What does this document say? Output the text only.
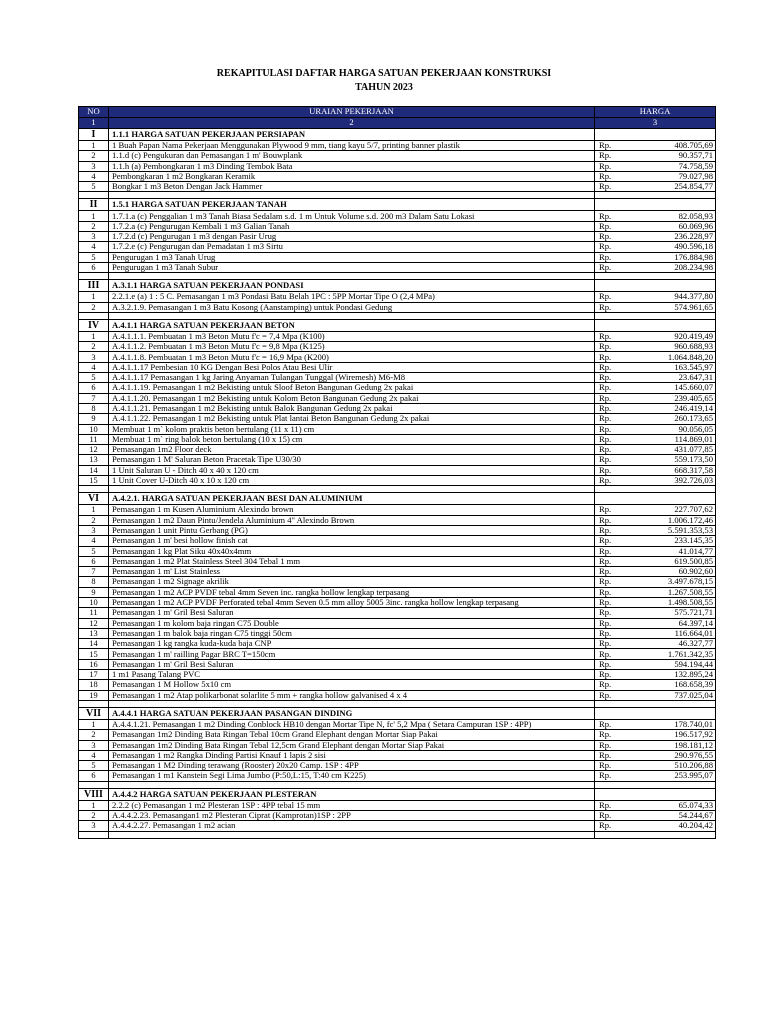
REKAPITULASI DAFTAR HARGA SATUAN PEKERJAAN KONSTRUKSI
TAHUN 2023
NO	URAIAN PEKERJAAN	HARGA	
1	2	3	
I	1.1.1 HARGA SATUAN PEKERJAAN PERSIAPAN		
1	1 Buah Papan Nama Pekerjaan Menggunakan Plywood 9 mm, tiang kayu 5/7, printing banner plastik	Rp.	408.705,69
2	1.1.d (c) Pengukuran dan Pemasangan 1 m' Bouwplank	Rp.	90.357,71
3	1.1.h (a) Pembongkaran 1 m3 Dinding Tembok Bata	Rp.	74.758,59
4	Pembongkaran 1 m2 Bongkaran Keramik	Rp.	79.027,98
5	Bongkar 1 m3 Beton Dengan Jack Hammer	Rp.	254.854,77

II	1.5.1 HARGA SATUAN PEKERJAAN TANAH		
1	1.7.1.a (c) Penggalian 1 m3 Tanah Biasa Sedalam s.d. 1 m Untuk Volume s.d. 200 m3 Dalam Satu Lokasi	Rp.	82.058,93
2	1.7.2.a (c) Pengurugan Kembali 1 m3 Galian Tanah	Rp.	60.069,96
3	1.7.2.d (c) Pengurugan 1 m3 dengan Pasir Urug	Rp.	236.228,97
4	1.7.2.e (c) Pengurugan dan Pemadatan 1 m3 Sirtu	Rp.	490.596,18
5	Pengurugan 1 m3 Tanah Urug	Rp.	176.884,98
6	Pengurugan 1 m3 Tanah Subur	Rp.	208.234,98

III	A.3.1.1 HARGA SATUAN PEKERJAAN PONDASI		
1	2.2.1.e (a) 1 : 5 C. Pemasangan 1 m3 Pondasi Batu Belah 1PC : 5PP Mortar Tipe O (2,4 MPa)	Rp.	944.377,80
2	A.3.2.1.9. Pemasangan 1 m3 Batu Kosong (Aanstamping) untuk Pondasi Gedung	Rp.	574.961,65

IV	A.4.1.1 HARGA SATUAN PEKERJAAN BETON		
1	A.4.1.1.1. Pembuatan 1 m3 Beton Mutu f'c = 7,4 Mpa (K100)	Rp.	920.419,49
2	A.4.1.1.2. Pembuatan 1 m3 Beton Mutu f'c = 9,8 Mpa (K125)	Rp.	960.688,93
3	A.4.1.1.8. Pembuatan 1 m3 Beton Mutu f'c = 16,9 Mpa (K200)	Rp.	1.064.848,20
4	A.4.1.1.17 Pembesian 10 KG Dengan Besi Polos Atau Besi Ulir	Rp.	163.545,97
5	A.4.1.1.17 Pemasangan 1 kg Jaring Anyaman Tulangan Tunggal (Wiremesh) M6-M8	Rp.	23.647,31
6	A.4.1.1.19. Pemasangan 1 m2 Bekisting untuk Sloof Beton Bangunan Gedung 2x pakai	Rp.	145.660,07
7	A.4.1.1.20. Pemasangan 1 m2 Bekisting untuk Kolom Beton Bangunan Gedung 2x pakai	Rp.	239.405,65
8	A.4.1.1.21. Pemasangan 1 m2 Bekisting untuk Balok Bangunan Gedung 2x pakai	Rp.	246.419,14
9	A.4.1.1.22. Pemasangan 1 m2 Bekisting untuk Plat lantai Beton Bangunan Gedung 2x pakai	Rp.	260.173,65
10	Membuat 1 m` kolom praktis beton bertulang (11 x 11) cm	Rp.	90.056,05
11	Membuat 1 m` ring balok beton bertulang (10 x 15) cm	Rp.	114.869,01
12	Pemasangan 1m2 Floor deck	Rp.	431.077,85
13	Pemasangan 1 M' Saluran Beton Pracetak Tipe U30/30	Rp.	559.173,50
14	1 Unit Saluran U - Ditch 40 x 40 x 120 cm	Rp.	668.317,58
15	1 Unit Cover U-Ditch 40 x 10 x 120 cm	Rp.	392.726,03

VI	A.4.2.1. HARGA SATUAN PEKERJAAN BESI DAN ALUMINIUM		
1	Pemasangan 1 m Kusen Aluminium Alexindo brown	Rp.	227.707,62
2	Pemasangan 1 m2 Daun Pintu/Jendela Aluminium 4" Alexindo Brown	Rp.	1.006.172,46
3	Pemasangan 1 unit Pintu Gerbang (PG)	Rp.	5.591.353,53
4	Pemasangan 1 m' besi hollow finish cat	Rp.	233.145,35
5	Pemasangan 1 kg Plat Siku 40x40x4mm	Rp.	41.014,77
6	Pemasangan 1 m2 Plat Stainless Steel 304 Tebal 1 mm	Rp.	619.500,85
7	Pemasangan 1 m' List Stainless	Rp.	60.902,60
8	Pemasangan 1 m2 Signage akrilik	Rp.	3.497.678,15
9	Pemasangan 1 m2 ACP PVDF tebal 4mm Seven inc. rangka hollow lengkap terpasang	Rp.	1.267.508,55
10	Pemasangan 1 m2 ACP PVDF Perforated tebal 4mm Seven 0.5 mm alloy 5005 3inc. rangka hollow lengkap terpasang	Rp.	1.498.508,55
11	Pemasangan 1 m' Gril Besi Saluran	Rp.	575.721,71
12	Pemasangan 1 m kolom baja ringan C75 Double	Rp.	64.397,14
13	Pemasangan 1 m balok baja ringan C75 tinggi 50cm	Rp.	116.664,01
14	Pemasangan 1 kg rangka kuda-kuda baja CNP	Rp.	46.327,77
15	Pemasangan 1 m' railling Pagar BRC T=150cm	Rp.	1.761.342,35
16	Pemasangan 1 m' Gril Besi Saluran	Rp.	594.194,44
17	1 m1 Pasang Talang PVC	Rp.	132.895,24
18	Pemasangan 1 M Hollow 5x10 cm	Rp.	168.658,39
19	Pemasangan 1 m2 Atap polikarbonat solarlite 5 mm + rangka hollow galvanised 4 x 4	Rp.	737.025,04

VII	A.4.4.1 HARGA SATUAN PEKERJAAN PASANGAN DINDING		
1	A.4.4.1.21. Pemasangan 1 m2 Dinding Conblock HB10 dengan Mortar Tipe N, fc' 5,2 Mpa ( Setara Campuran 1SP : 4PP)	Rp.	178.740,01
2	Pemasangan 1m2 Dinding Bata Ringan Tebal 10cm Grand Elephant dengan Mortar Siap Pakai	Rp.	196.517,92
3	Pemasangan 1m2 Dinding Bata Ringan Tebal 12,5cm Grand Elephant dengan Mortar Siap Pakai	Rp.	198.181,12
4	Pemasangan 1 m2 Rangka Dinding Partisi Knauf 1 lapis 2 sisi	Rp.	290.976,55
5	Pemasangan 1 M2 Dinding terawang (Rooster) 20x20 Camp. 1SP : 4PP	Rp.	510.206,88
6	Pemasangan 1 m1 Kanstein Segi Lima Jumbo (P:50,L:15, T:40 cm K225)	Rp.	253.995,07

VIII	A.4.4.2 HARGA SATUAN PEKERJAAN PLESTERAN		
1	2.2.2 (c) Pemasangan 1 m2 Plesteran 1SP : 4PP tebal 15 mm	Rp.	65.074,33
2	A.4.4.2.23. Pemasangan1 m2 Plesteran Ciprat (Kamprotan)1SP : 2PP	Rp.	54.244,67
3	A.4.4.2.27. Pemasangan 1 m2 acian	Rp.	40.204,42
